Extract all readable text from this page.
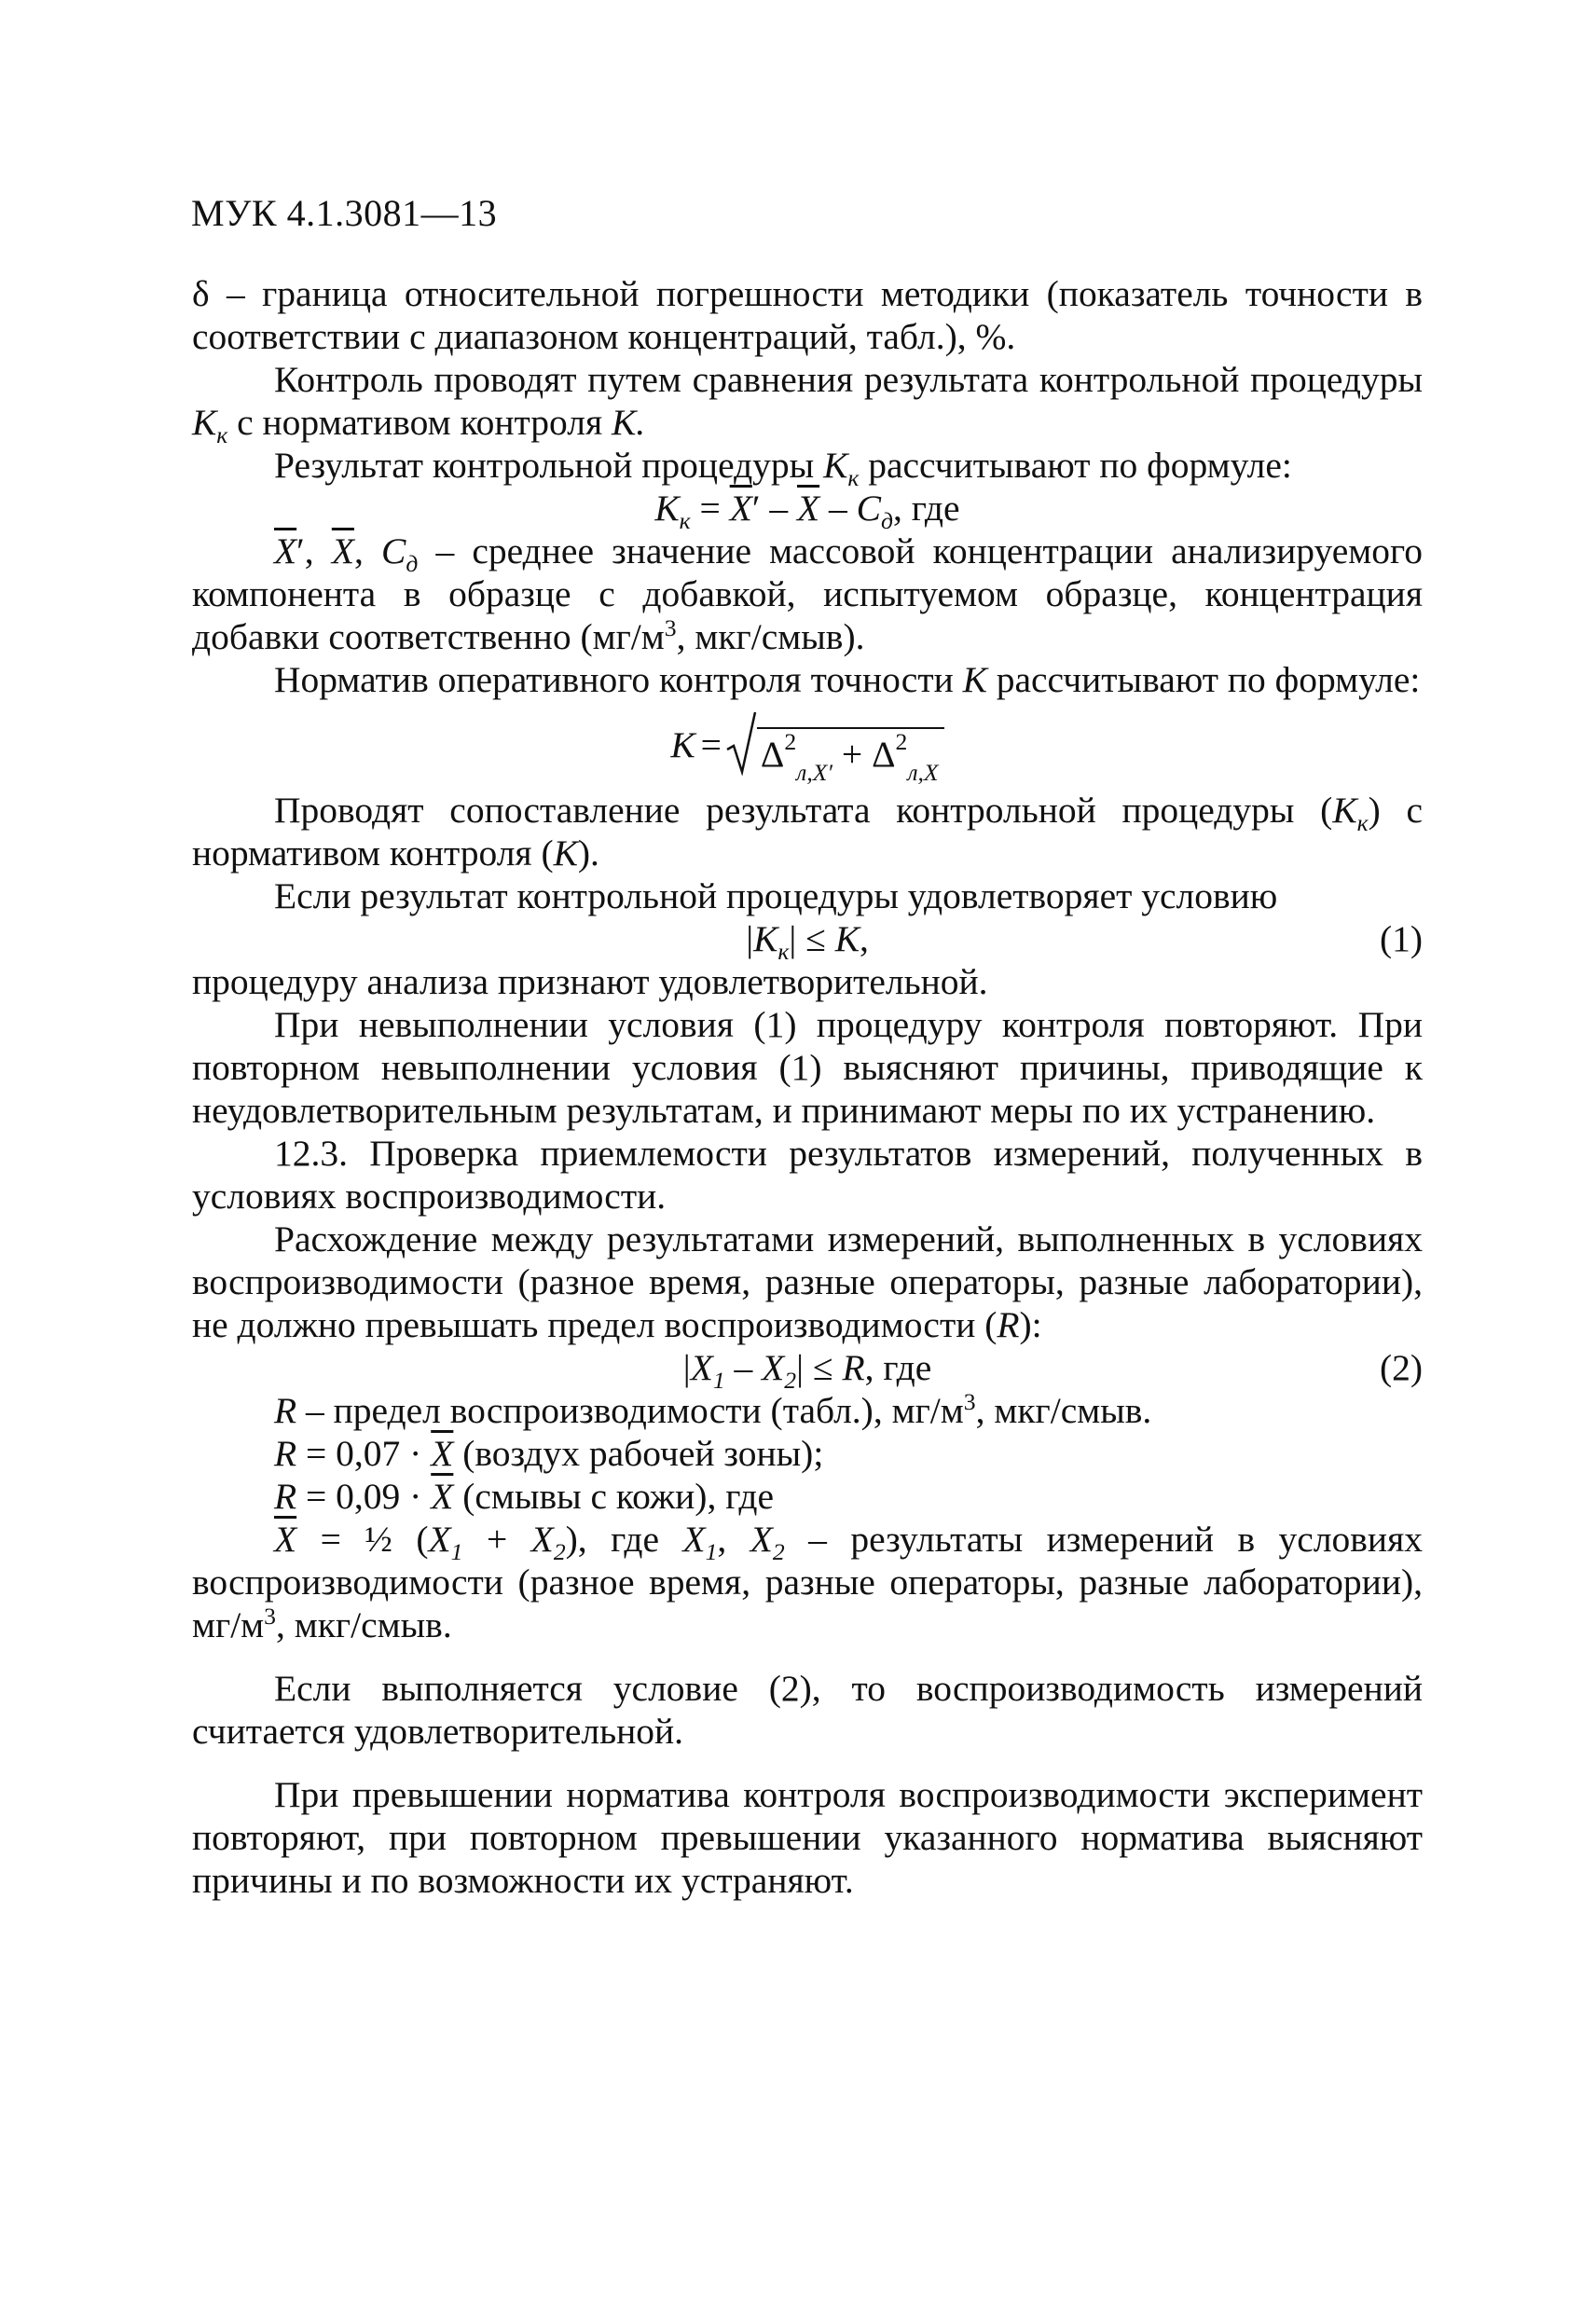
МУК 4.1.3081—13

δ – граница относительной погрешности методики (показатель точности в соответствии с диапазоном концентраций, табл.), %.

Контроль проводят путем сравнения результата контрольной процедуры $К_к$ с нормативом контроля К.

Результат контрольной процедуры $К_к$ рассчитывают по формуле:

$К_к = \overline{X}' - \overline{X} - C_д$, где

$\overline{X}'$, $\overline{X}$, $C_д$ – среднее значение массовой концентрации анализируемого компонента в образце с добавкой, испытуемом образце, концентрация добавки соответственно ($мг/м^3$, мкг/смыв).

Норматив оперативного контроля точности К рассчитывают по формуле:

$К = \Delta^2_{л,X'} + \Delta^2_{л,X}$

Проводят сопоставление результата контрольной процедуры $(К_к)$ с нормативом контроля (К).

Если результат контрольной процедуры удовлетворяет условию

$|К_к| \le К$,	(1)

процедуру анализа признают удовлетворительной.

При невыполнении условия (1) процедуру контроля повторяют. При повторном невыполнении условия (1) выясняют причины, приводящие к неудовлетворительным результатам, и принимают меры по их устранению.

12.3. Проверка приемлемости результатов измерений, полученных в условиях воспроизводимости.

Расхождение между результатами измерений, выполненных в условиях воспроизводимости (разное время, разные операторы, разные лаборатории), не должно превышать предел воспроизводимости (R):

$|X_1 - X_2| \le R$, где	(2)

R – предел воспроизводимости (табл.), $мг/м^3$, мкг/смыв.

$R = 0,07 \cdot \overline{X}$ (воздух рабочей зоны);

$R = 0,09 \cdot \overline{X}$ (смывы с кожи), где

$\overline{X}$ = ½ $(X_1 + X_2)$, где $X_1$, $X_2$ – результаты измерений в условиях воспроизводимости (разное время, разные операторы, разные лаборатории), $мг/м^3$, мкг/смыв.

Если выполняется условие (2), то воспроизводимость измерений считается удовлетворительной.

При превышении норматива контроля воспроизводимости эксперимент повторяют, при повторном превышении указанного норматива выясняют причины и по возможности их устраняют.
